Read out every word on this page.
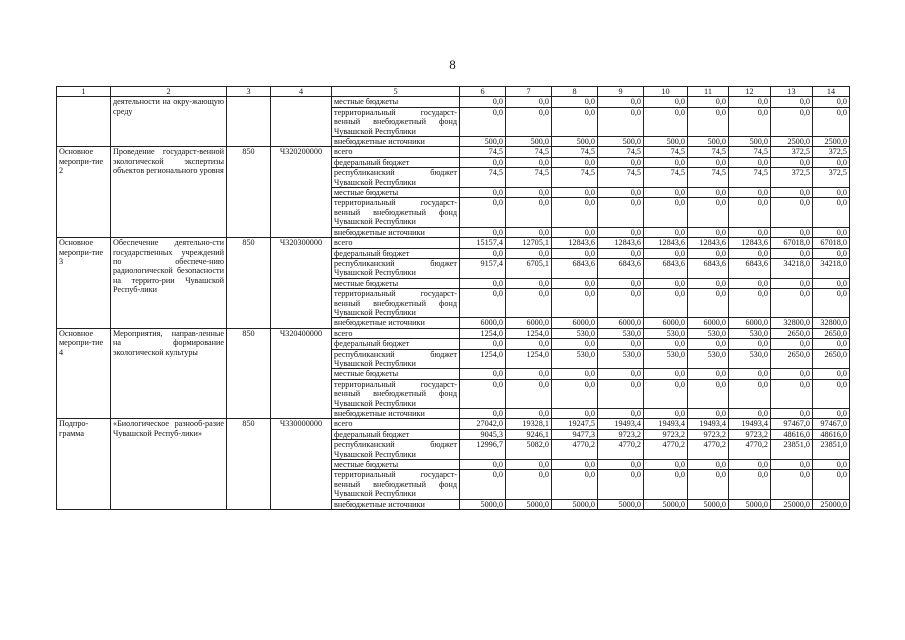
8
1	2	3	4	5	6	7	8	9	10	11	12	13	14
	деятельности на окру-жающую среду			местные бюджеты	0,0	0,0	0,0	0,0	0,0	0,0	0,0	0,0	0,0
				территориальный государст-венный внебюджетный фонд Чувашской Республики	0,0	0,0	0,0	0,0	0,0	0,0	0,0	0,0	0,0
				внебюджетные источники	500,0	500,0	500,0	500,0	500,0	500,0	500,0	2500,0	2500,0
Основное меропри-тие 2	Проведение государст-венной экологической экспертизы объектов регионального уровня	850	Ч320200000	всего	74,5	74,5	74,5	74,5	74,5	74,5	74,5	372,5	372,5
				федеральный бюджет	0,0	0,0	0,0	0,0	0,0	0,0	0,0	0,0	0,0
				республиканский бюджет Чувашской Республики	74,5	74,5	74,5	74,5	74,5	74,5	74,5	372,5	372,5
				местные бюджеты	0,0	0,0	0,0	0,0	0,0	0,0	0,0	0,0	0,0
				территориальный государст-венный внебюджетный фонд Чувашской Республики	0,0	0,0	0,0	0,0	0,0	0,0	0,0	0,0	0,0
				внебюджетные источники	0,0	0,0	0,0	0,0	0,0	0,0	0,0	0,0	0,0
Основное меропри-тие 3	Обеспечение деятельно-сти государственных учреждений по обеспече-нию радиологической безопасности на террито-рии Чувашской Респуб-лики	850	Ч320300000	всего	15157,4	12705,1	12843,6	12843,6	12843,6	12843,6	12843,6	67018,0	67018,0
				федеральный бюджет	0,0	0,0	0,0	0,0	0,0	0,0	0,0	0,0	0,0
				республиканский бюджет Чувашской Республики	9157,4	6705,1	6843,6	6843,6	6843,6	6843,6	6843,6	34218,0	34218,0
				местные бюджеты	0,0	0,0	0,0	0,0	0,0	0,0	0,0	0,0	0,0
				территориальный государст-венный внебюджетный фонд Чувашской Республики	0,0	0,0	0,0	0,0	0,0	0,0	0,0	0,0	0,0
				внебюджетные источники	6000,0	6000,0	6000,0	6000,0	6000,0	6000,0	6000,0	32800,0	32800,0
Основное меропри-тие 4	Мероприятия, направ-ленные на формирование экологической культуры	850	Ч320400000	всего	1254,0	1254,0	530,0	530,0	530,0	530,0	530,0	2650,0	2650,0
				федеральный бюджет	0,0	0,0	0,0	0,0	0,0	0,0	0,0	0,0	0,0
				республиканский бюджет Чувашской Республики	1254,0	1254,0	530,0	530,0	530,0	530,0	530,0	2650,0	2650,0
				местные бюджеты	0,0	0,0	0,0	0,0	0,0	0,0	0,0	0,0	0,0
				территориальный государст-венный внебюджетный фонд Чувашской Республики	0,0	0,0	0,0	0,0	0,0	0,0	0,0	0,0	0,0
				внебюджетные источники	0,0	0,0	0,0	0,0	0,0	0,0	0,0	0,0	0,0
Подпро-грамма	«Биологическое разнооб-разие Чувашской Респуб-лики»	850	Ч330000000	всего	27042,0	19328,1	19247,5	19493,4	19493,4	19493,4	19493,4	97467,0	97467,0
				федеральный бюджет	9045,3	9246,1	9477,3	9723,2	9723,2	9723,2	9723,2	48616,0	48616,0
				республиканский бюджет Чувашской Республики	12996,7	5082,0	4770,2	4770,2	4770,2	4770,2	4770,2	23851,0	23851,0
				местные бюджеты	0,0	0,0	0,0	0,0	0,0	0,0	0,0	0,0	0,0
				территориальный государст-венный внебюджетный фонд Чувашской Республики	0,0	0,0	0,0	0,0	0,0	0,0	0,0	0,0	0,0
				внебюджетные источники	5000,0	5000,0	5000,0	5000,0	5000,0	5000,0	5000,0	25000,0	25000,0
